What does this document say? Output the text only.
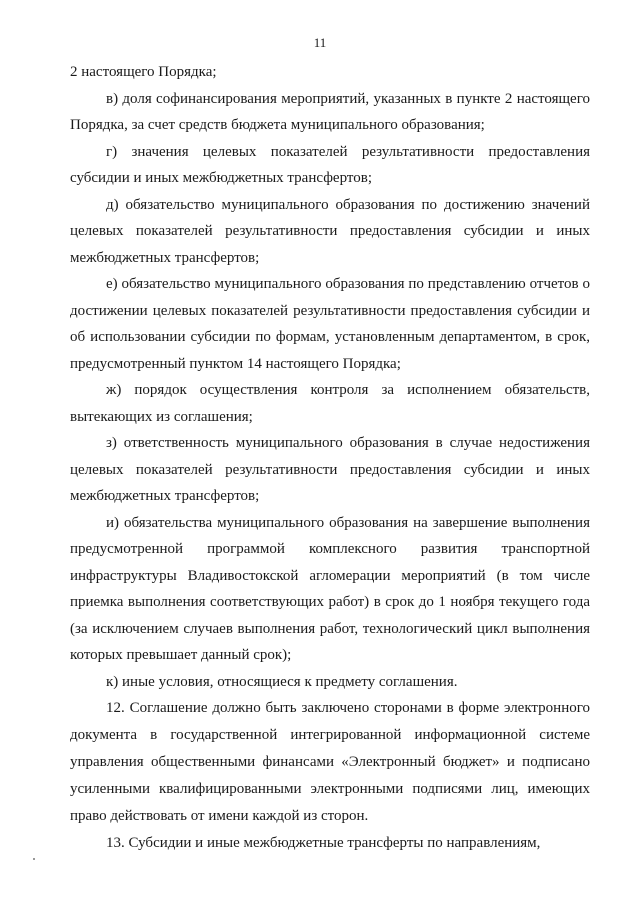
11

2 настоящего Порядка;

в) доля софинансирования мероприятий, указанных в пункте 2 настоящего Порядка, за счет средств бюджета муниципального образования;

г) значения целевых показателей результативности предоставления субсидии и иных межбюджетных трансфертов;

д) обязательство муниципального образования по достижению значений целевых показателей результативности предоставления субсидии и иных межбюджетных трансфертов;

е) обязательство муниципального образования по представлению отчетов о достижении целевых показателей результативности предоставления субсидии и об использовании субсидии по формам, установленным департаментом, в срок, предусмотренный пунктом 14 настоящего Порядка;

ж) порядок осуществления контроля за исполнением обязательств, вытекающих из соглашения;

з) ответственность муниципального образования в случае недостижения целевых показателей результативности предоставления субсидии и иных межбюджетных трансфертов;

и) обязательства муниципального образования на завершение выполнения предусмотренной программой комплексного развития транспортной инфраструктуры Владивостокской агломерации мероприятий (в том числе приемка выполнения соответствующих работ) в срок до 1 ноября текущего года (за исключением случаев выполнения работ, технологический цикл выполнения которых превышает данный срок);

к) иные условия, относящиеся к предмету соглашения.

12. Соглашение должно быть заключено сторонами в форме электронного документа в государственной интегрированной информационной системе управления общественными финансами «Электронный бюджет» и подписано усиленными квалифицированными электронными подписями лиц, имеющих право действовать от имени каждой из сторон.

13. Субсидии и иные межбюджетные трансферты по направлениям,
